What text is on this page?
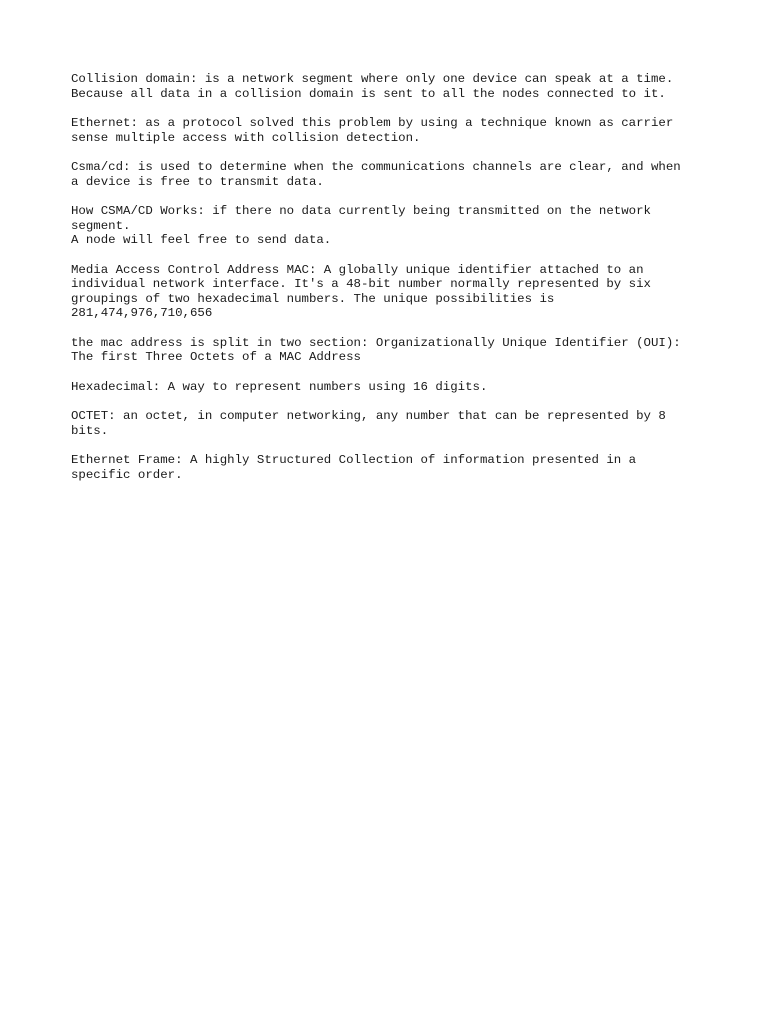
Collision domain: is a network segment where only one device can speak at a time.
Because all data in a collision domain is sent to all the nodes connected to it.

Ethernet: as a protocol solved this problem by using a technique known as carrier
sense multiple access with collision detection.

Csma/cd: is used to determine when the communications channels are clear, and when
a device is free to transmit data.

How CSMA/CD Works: if there no data currently being transmitted on the network
segment.
A node will feel free to send data.

Media Access Control Address MAC: A globally unique identifier attached to an
individual network interface. It's a 48-bit number normally represented by six
groupings of two hexadecimal numbers. The unique possibilities is
281,474,976,710,656

the mac address is split in two section: Organizationally Unique Identifier (OUI):
The first Three Octets of a MAC Address

Hexadecimal: A way to represent numbers using 16 digits.

OCTET: an octet, in computer networking, any number that can be represented by 8
bits.

Ethernet Frame: A highly Structured Collection of information presented in a
specific order.
